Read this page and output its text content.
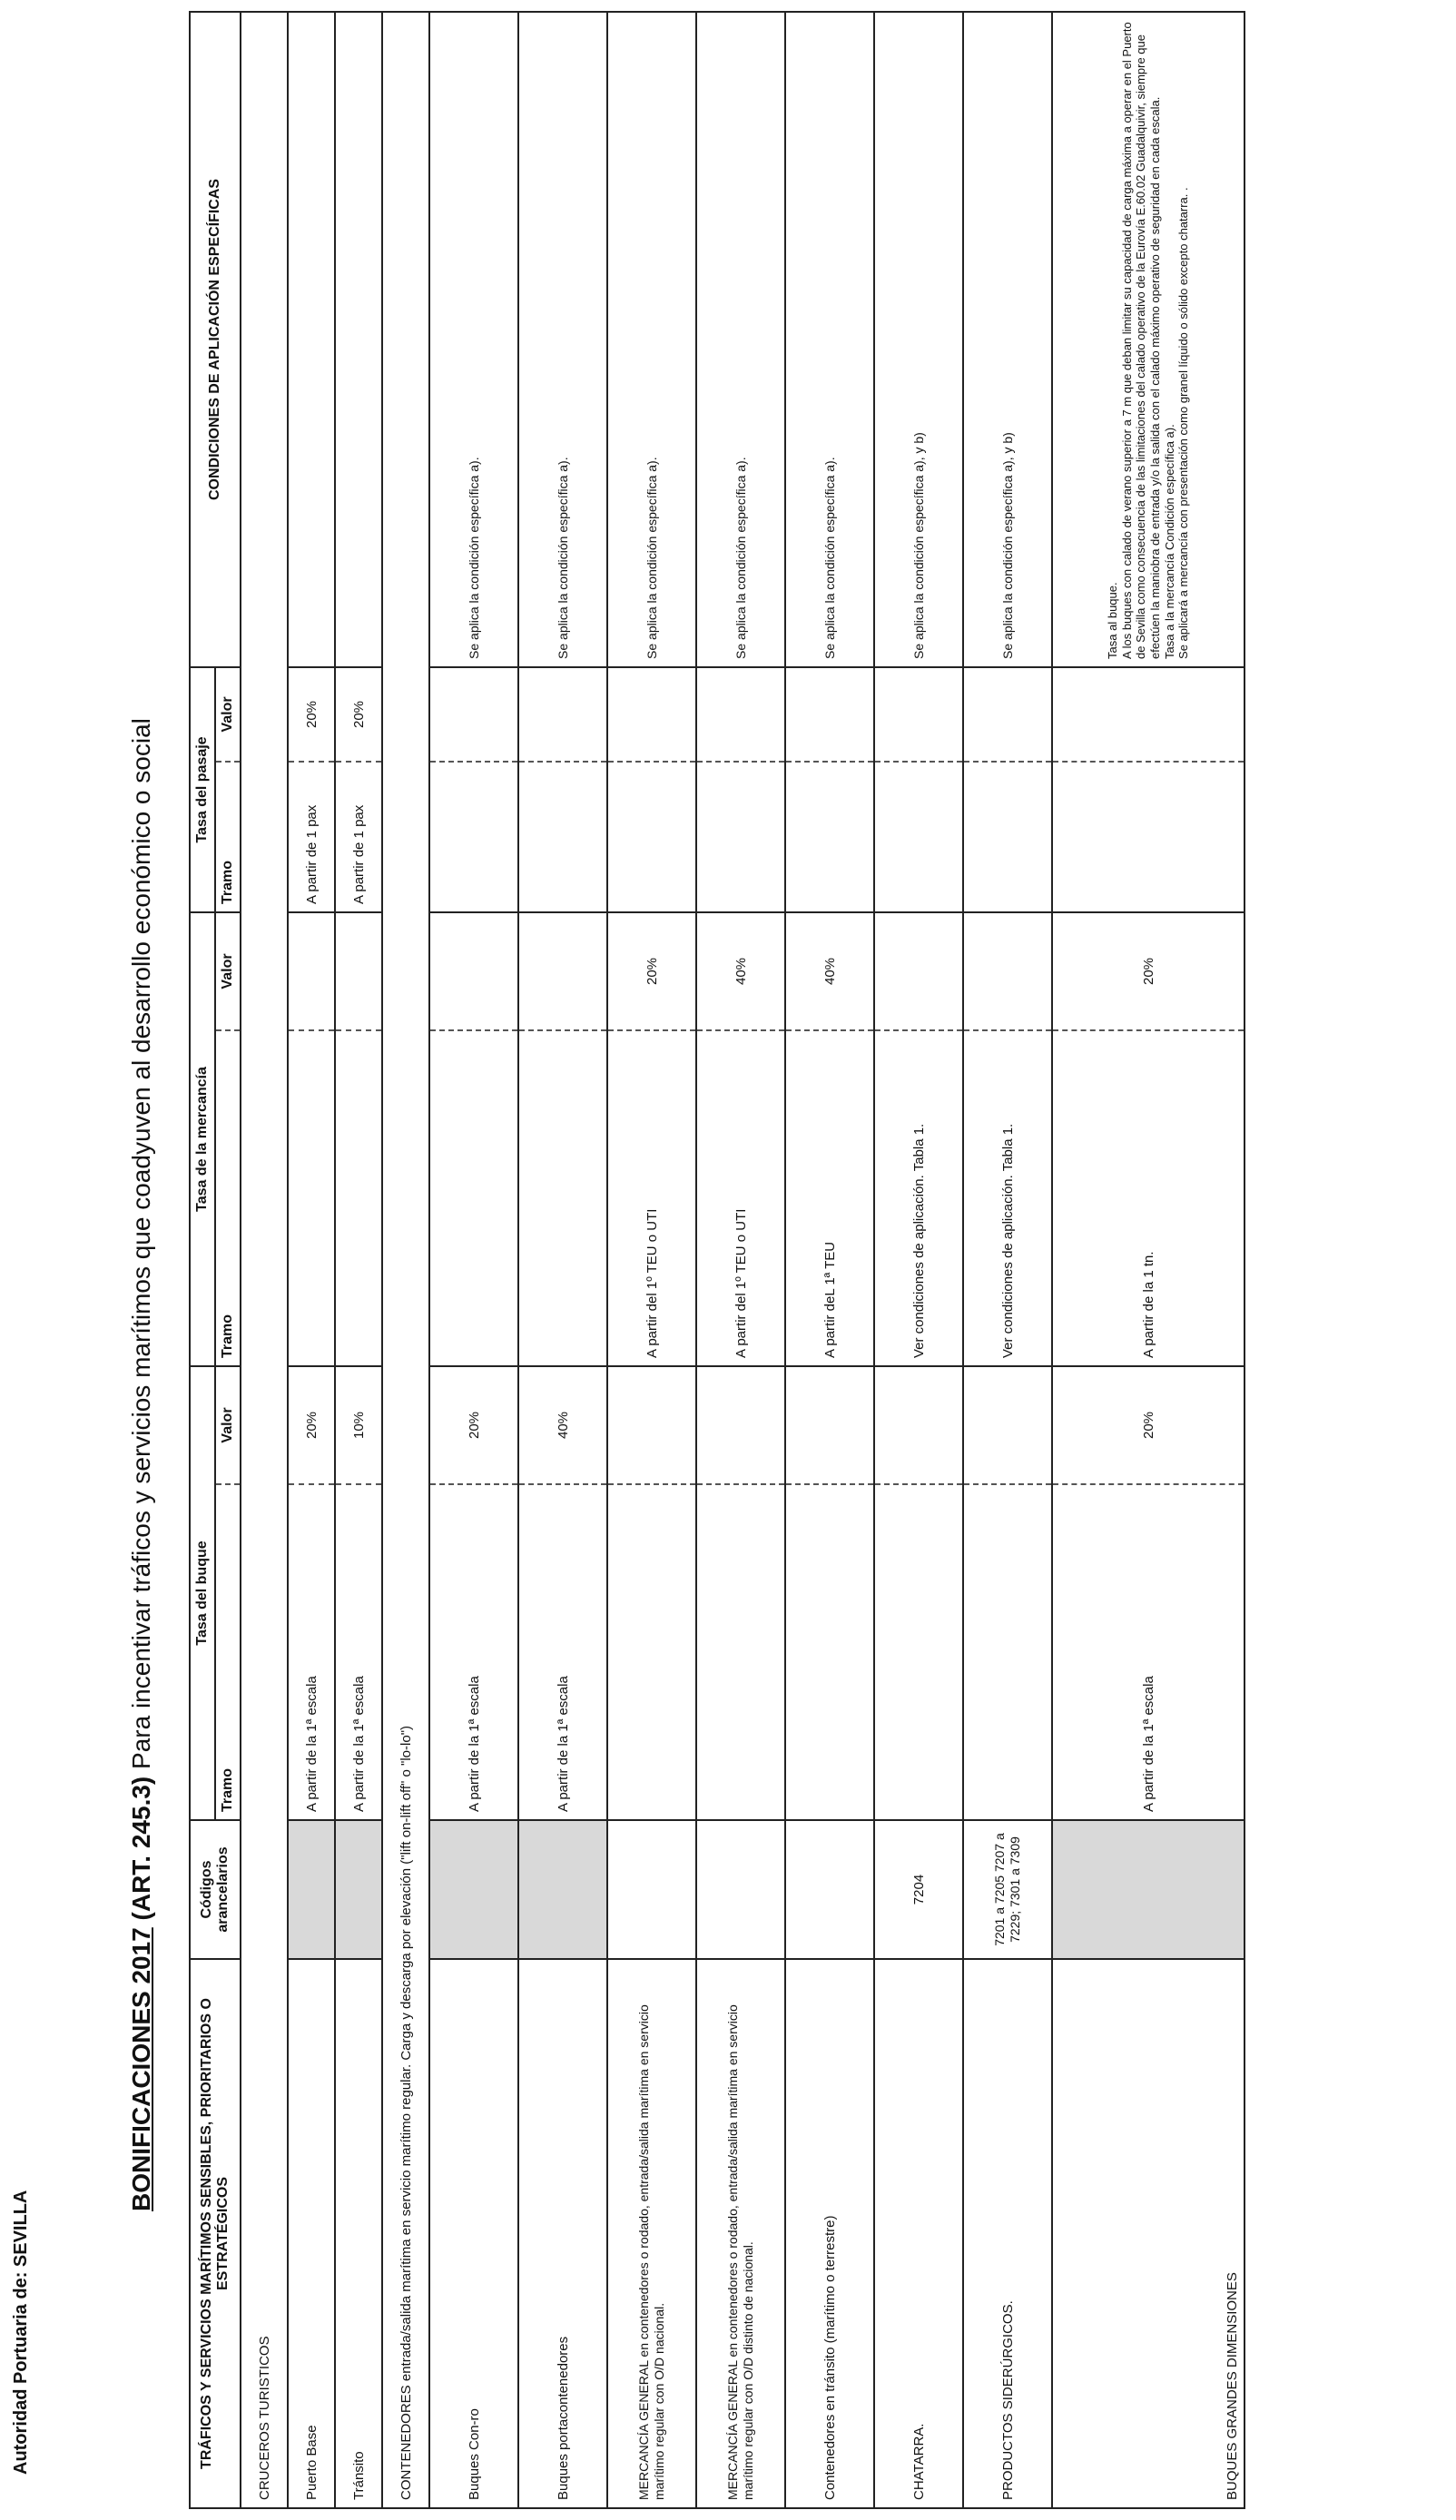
Autoridad Portuaria de: SEVILLA
BONIFICACIONES 2017 (ART. 245.3) Para incentivar tráficos y servicios marítimos que coadyuven al desarrollo económico o social
TRÁFICOS Y SERVICIOS MARÍTIMOS SENSIBLES, PRIORITARIOS O ESTRATÉGICOS	Códigos arancelarios	Tasa del buque		Tasa de la mercancía		Tasa del pasaje		CONDICIONES DE APLICACIÓN ESPECÍFICAS
		Tramo	Valor	Tramo	Valor	Tramo	Valor	
CRUCEROS TURISTICOS								
Puerto Base		A partir de la 1ª escala	20%			A partir de 1 pax	20%	
Tránsito		A partir de la 1ª escala	10%			A partir de 1 pax	20%	
CONTENEDORES entrada/salida marítima en servicio marítimo regular. Carga y descarga por elevación ("lift on-lift off" o "lo-lo")								
Buques Con-ro		A partir de la 1ª escala	20%					Se aplica la condición específica a).
Buques portacontenedores		A partir de la 1ª escala	40%					Se aplica la condición específica a).
MERCANCÍA GENERAL en contenedores o rodado, entrada/salida marítima en servicio marítimo regular con O/D nacional.				A partir del 1º TEU o UTI	20%			Se aplica la condición específica a).
MERCANCÍA GENERAL en contenedores o rodado, entrada/salida marítima en servicio marítimo regular con O/D distinto de nacional.				A partir del 1º TEU o UTI	40%			Se aplica la condición específica a).
Contenedores en tránsito (marítimo o terrestre)				A partir deL 1ª TEU	40%			Se aplica la condición específica a).
CHATARRA.	7204			Ver condiciones de aplicación. Tabla 1.				Se aplica la condición específica a), y b)
PRODUCTOS SIDERÚRGICOS.	7201 a 7205 7207 a 7229; 7301 a 7309			Ver condiciones de aplicación. Tabla 1.				Se aplica la condición específica a), y b)
BUQUES GRANDES DIMENSIONES		A partir de la 1ª escala	20%	A partir de la 1 tn.	20%			Tasa al buque.
A los buques con calado de verano superior a 7 m que deban limitar su capacidad de carga máxima a operar en el Puerto de Sevilla como consecuencia de las limitaciones del calado operativo de la Eurovía E.60.02 Guadalquivir, siempre que efectúen la maniobra de entrada y/o la salida con el calado máximo operativo de seguridad en cada escala.
Tasa a la mercancía Condición específica a).
Se aplicará a mercancía con presentación como granel líquido o sólido excepto chatarra. .
